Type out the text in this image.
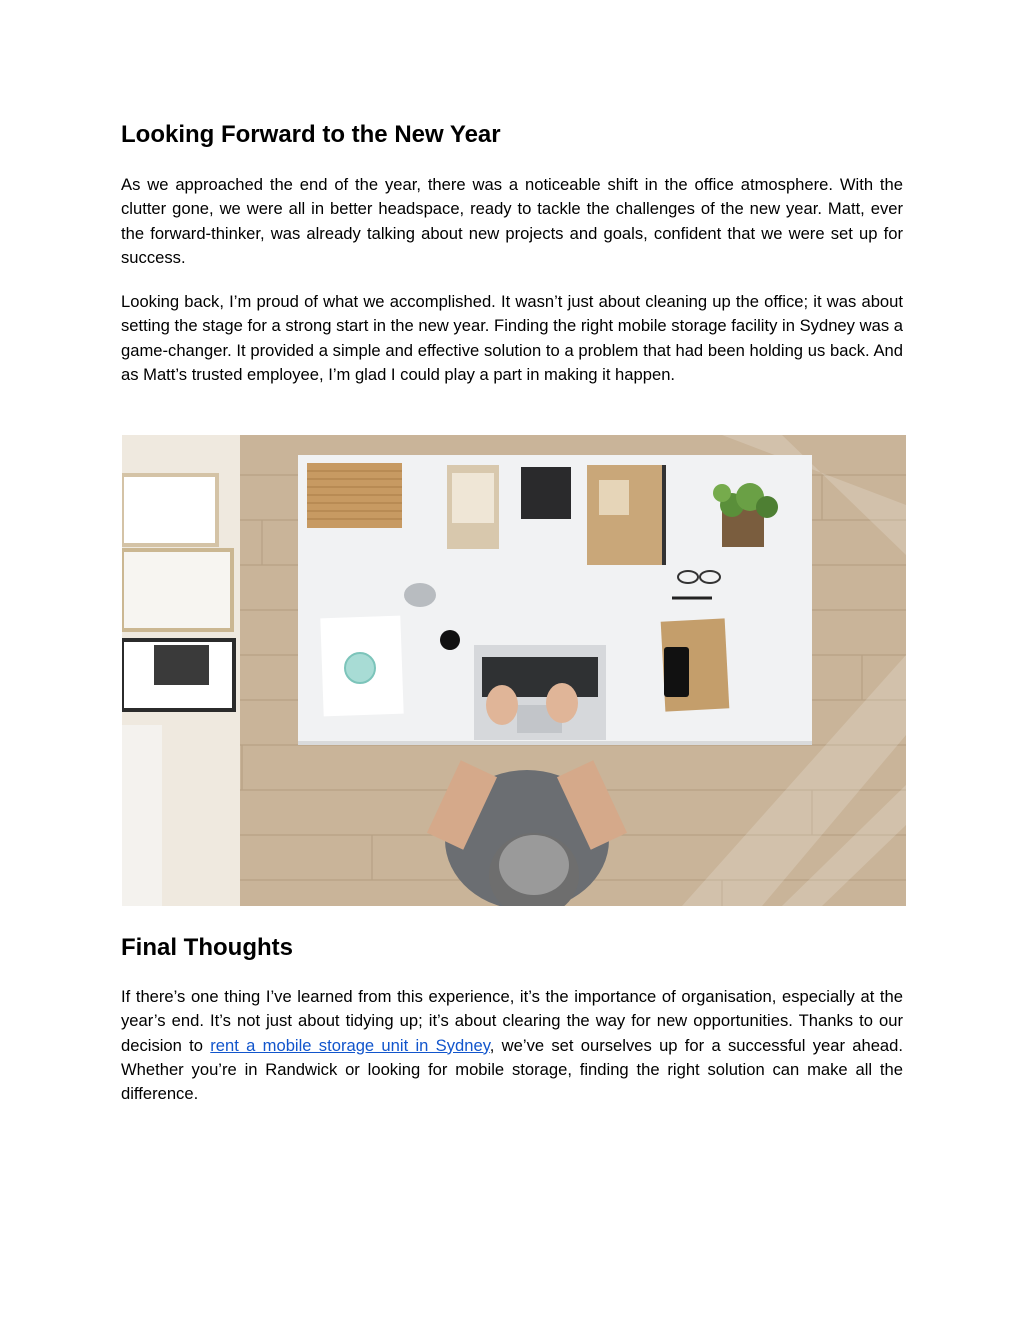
Looking Forward to the New Year

As we approached the end of the year, there was a noticeable shift in the office atmosphere. With the clutter gone, we were all in better headspace, ready to tackle the challenges of the new year. Matt, ever the forward-thinker, was already talking about new projects and goals, confident that we were set up for success.

Looking back, I’m proud of what we accomplished. It wasn’t just about cleaning up the office; it was about setting the stage for a strong start in the new year. Finding the right mobile storage facility in Sydney was a game-changer. It provided a simple and effective solution to a problem that had been holding us back. And as Matt’s trusted employee, I’m glad I could play a part in making it happen.

Final Thoughts

If there’s one thing I’ve learned from this experience, it’s the importance of organisation, especially at the year’s end. It’s not just about tidying up; it’s about clearing the way for new opportunities. Thanks to our decision to rent a mobile storage unit in Sydney, we’ve set ourselves up for a successful year ahead. Whether you’re in Randwick or looking for mobile storage, finding the right solution can make all the difference.
